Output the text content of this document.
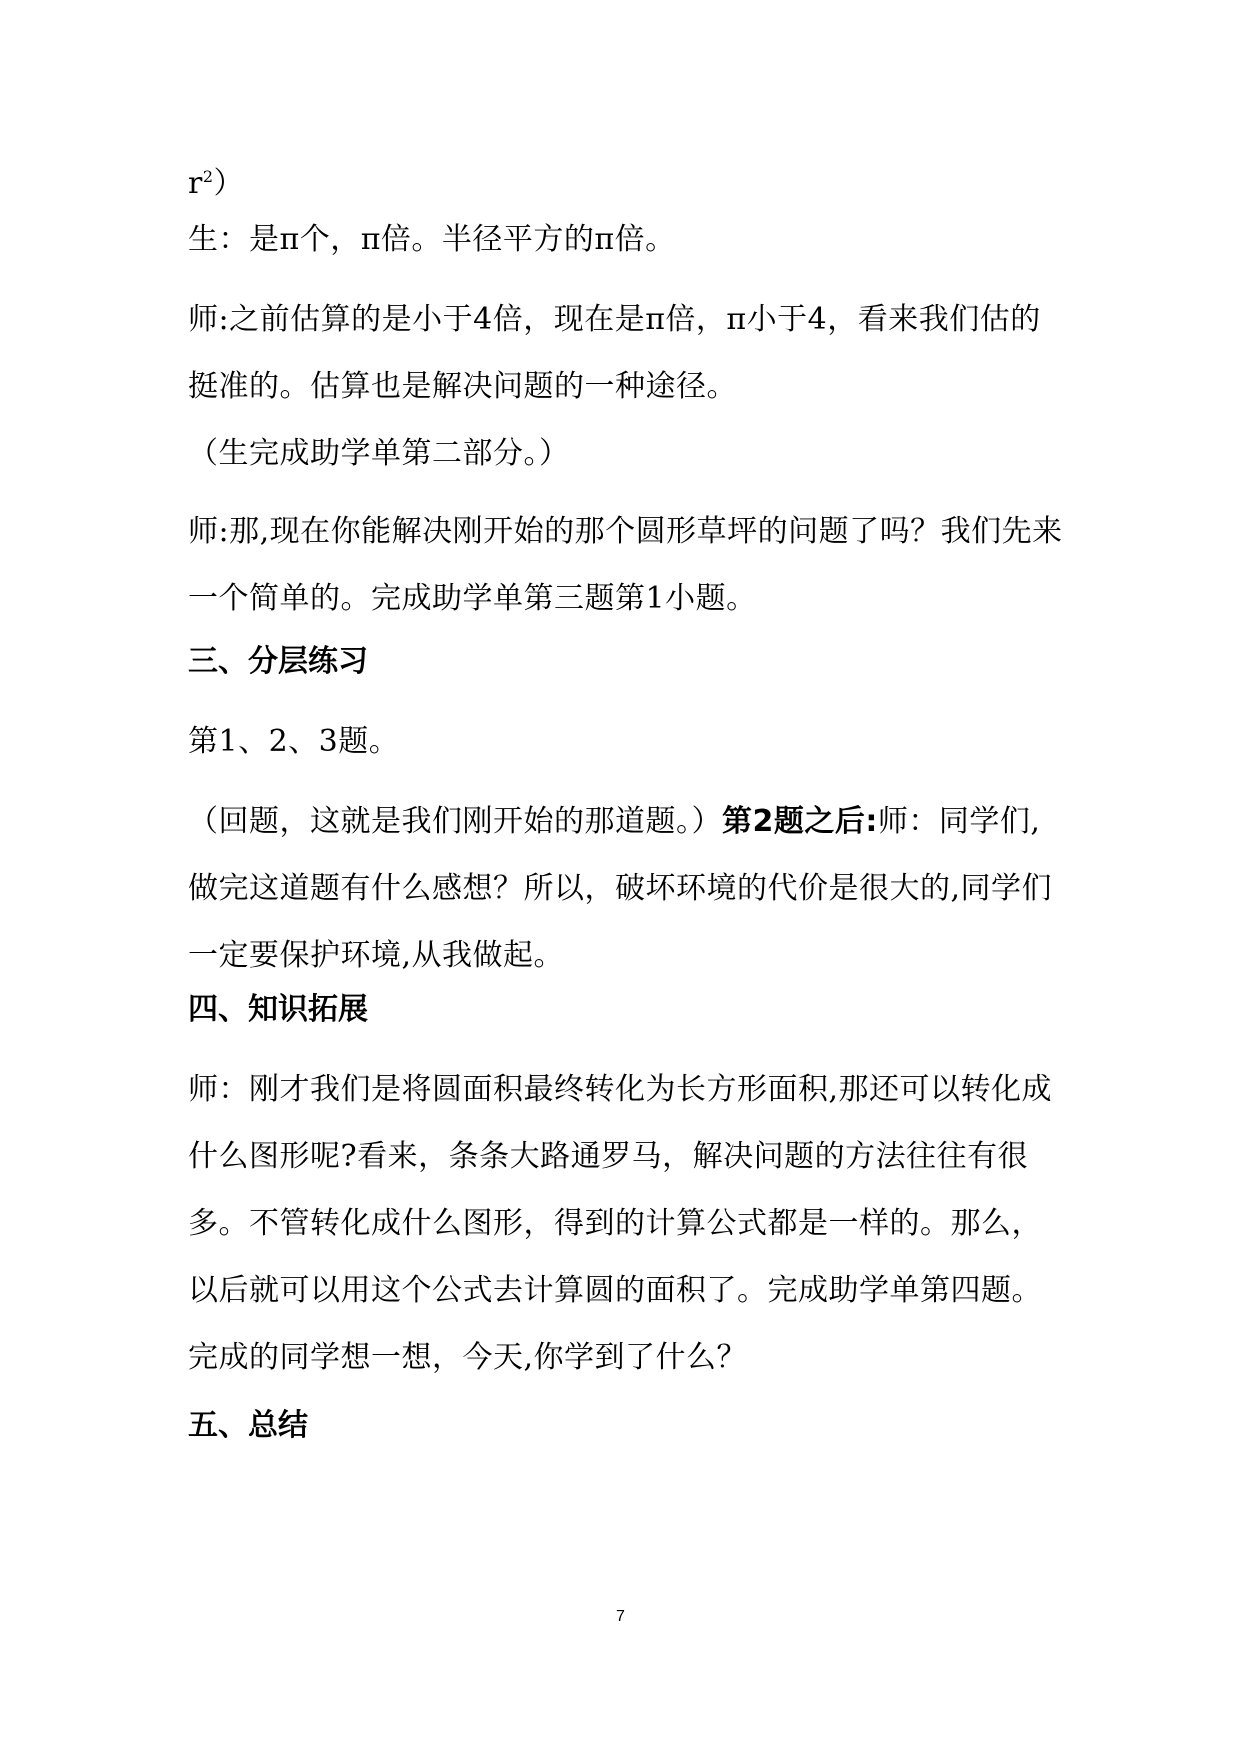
$r^2$）
生：是π个，π倍。半径平方的π倍。
师:之前估算的是小于4倍，现在是π倍，π小于4，看来我们估的挺准的。估算也是解决问题的一种途径。
（生完成助学单第二部分。）
师:那,现在你能解决刚开始的那个圆形草坪的问题了吗？我们先来一个简单的。完成助学单第三题第1小题。
三、分层练习
第1、2、3题。
（回题，这就是我们刚开始的那道题。）第2题之后:师：同学们,做完这道题有什么感想？所以，破坏环境的代价是很大的,同学们一定要保护环境,从我做起。
四、知识拓展
师：刚才我们是将圆面积最终转化为长方形面积,那还可以转化成什么图形呢?看来，条条大路通罗马，解决问题的方法往往有很多。不管转化成什么图形，得到的计算公式都是一样的。那么，以后就可以用这个公式去计算圆的面积了。完成助学单第四题。完成的同学想一想，今天,你学到了什么？
五、总结
7
